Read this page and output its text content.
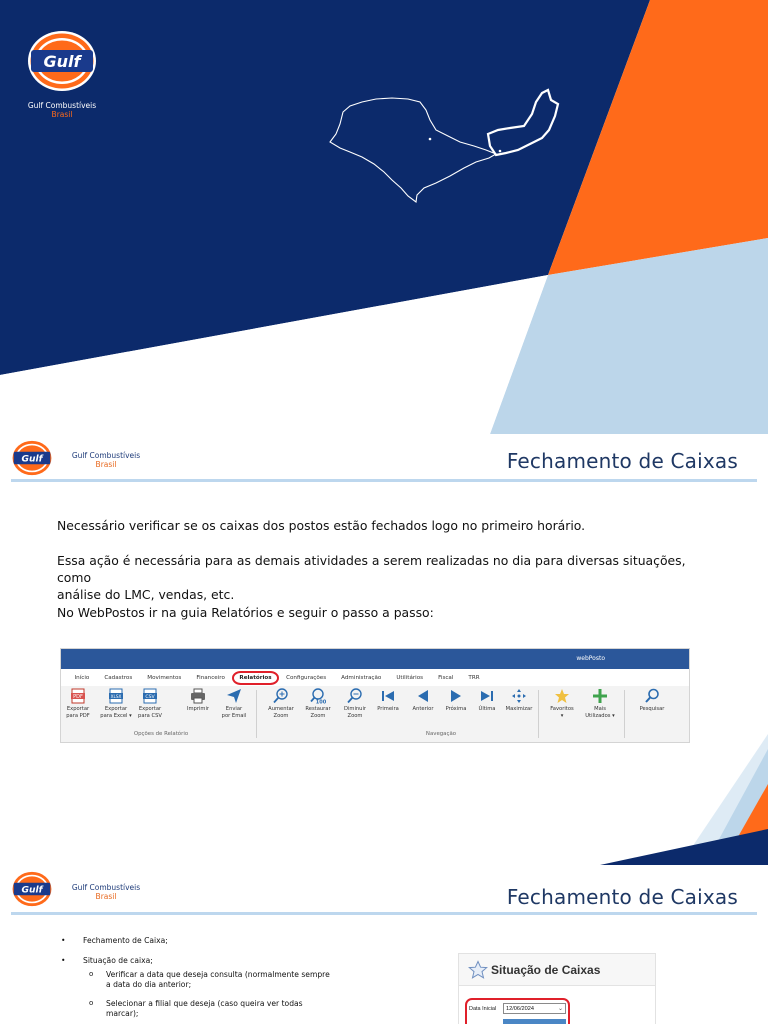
Gulf
Gulf Combustíveis
Brasil
Gulf	Gulf Combustíveis
Brasil	Fechamento de Caixas
Necessário verificar se os caixas dos postos estão fechados logo no primeiro horário.
Essa ação é necessária para as demais atividades a serem realizadas no dia para diversas situações, como
análise do LMC, vendas, etc.
No WebPostos ir na guia Relatórios e seguir o passo a passo:
webPosto
Início	Cadastros	Movimentos	Financeiro	Relatórios	Configurações	Administração	Utilitários	Fiscal	TRR
Opções de Relatório	Navegação
PDF
Exportar
para PDF
XLSX
Exportar
para Excel ▾
CSV
Exportar
para CSV
Imprimir	Enviar
por Email
Aumentar
Zoom
100
Restaurar
Zoom
Diminuir
Zoom
Primeira	Anterior	Próxima	Última	Maximizar	Favoritos
▾
Mais
Utilizados ▾
Pesquisar
Gulf	Gulf Combustíveis
Brasil	Fechamento de Caixas
• Fechamento de Caixa;
• Situação de caixa;
o Verificar a data que deseja consulta (normalmente sempre
a data do dia anterior;
o Selecionar a filial que deseja (caso queira ver todas
marcar);
Situação de Caixas
Data Inicial	12/06/2024	⌄
